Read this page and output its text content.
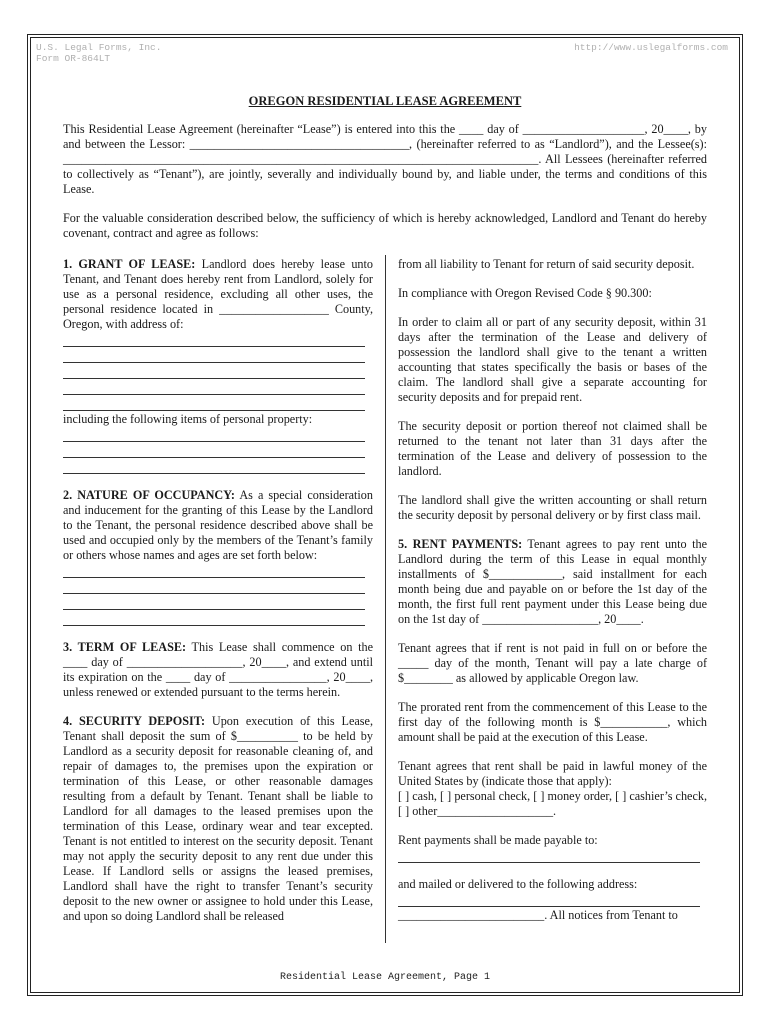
U.S. Legal Forms, Inc.
Form OR-864LT
http://www.uslegalforms.com
OREGON RESIDENTIAL LEASE AGREEMENT

This Residential Lease Agreement (hereinafter “Lease”) is entered into this the ____ day of ____________________, 20____, by and between the Lessor: ____________________________________, (hereinafter referred to as “Landlord”), and the Lessee(s): ______________________________________________________________________________. All Lessees (hereinafter referred to collectively as “Tenant”), are jointly, severally and individually bound by, and liable under, the terms and conditions of this Lease.

For the valuable consideration described below, the sufficiency of which is hereby acknowledged, Landlord and Tenant do hereby covenant, contract and agree as follows:

1. GRANT OF LEASE: Landlord does hereby lease unto Tenant, and Tenant does hereby rent from Landlord, solely for use as a personal residence, excluding all other uses, the personal residence located in __________________ County, Oregon, with address of:

including the following items of personal property:

2. NATURE OF OCCUPANCY: As a special consideration and inducement for the granting of this Lease by the Landlord to the Tenant, the personal residence described above shall be used and occupied only by the members of the Tenant’s family or others whose names and ages are set forth below:

3. TERM OF LEASE: This Lease shall commence on the ____ day of ___________________, 20____, and extend until its expiration on the ____ day of ________________, 20____, unless renewed or extended pursuant to the terms herein.

4. SECURITY DEPOSIT: Upon execution of this Lease, Tenant shall deposit the sum of $__________ to be held by Landlord as a security deposit for reasonable cleaning of, and repair of damages to, the premises upon the expiration or termination of this Lease, or other reasonable damages resulting from a default by Tenant. Tenant shall be liable to Landlord for all damages to the leased premises upon the termination of this Lease, ordinary wear and tear excepted. Tenant is not entitled to interest on the security deposit. Tenant may not apply the security deposit to any rent due under this Lease. If Landlord sells or assigns the leased premises, Landlord shall have the right to transfer Tenant’s security deposit to the new owner or assignee to hold under this Lease, and upon so doing Landlord shall be released

from all liability to Tenant for return of said security deposit.

In compliance with Oregon Revised Code § 90.300:

In order to claim all or part of any security deposit, within 31 days after the termination of the Lease and delivery of possession the landlord shall give to the tenant a written accounting that states specifically the basis or bases of the claim. The landlord shall give a separate accounting for security deposits and for prepaid rent.

The security deposit or portion thereof not claimed shall be returned to the tenant not later than 31 days after the termination of the Lease and delivery of possession to the landlord.

The landlord shall give the written accounting or shall return the security deposit by personal delivery or by first class mail.

5. RENT PAYMENTS: Tenant agrees to pay rent unto the Landlord during the term of this Lease in equal monthly installments of $____________, said installment for each month being due and payable on or before the 1st day of the month, the first full rent payment under this Lease being due on the 1st day of ___________________, 20____.

Tenant agrees that if rent is not paid in full on or before the _____ day of the month, Tenant will pay a late charge of $________ as allowed by applicable Oregon law.

The prorated rent from the commencement of this Lease to the first day of the following month is $___________, which amount shall be paid at the execution of this Lease.

Tenant agrees that rent shall be paid in lawful money of the United States by (indicate those that apply):

[ ] cash, [ ] personal check, [ ] money order, [ ] cashier’s check, [ ] other___________________.

Rent payments shall be made payable to:

and mailed or delivered to the following address:

________________________. All notices from Tenant to

Residential Lease Agreement, Page 1
